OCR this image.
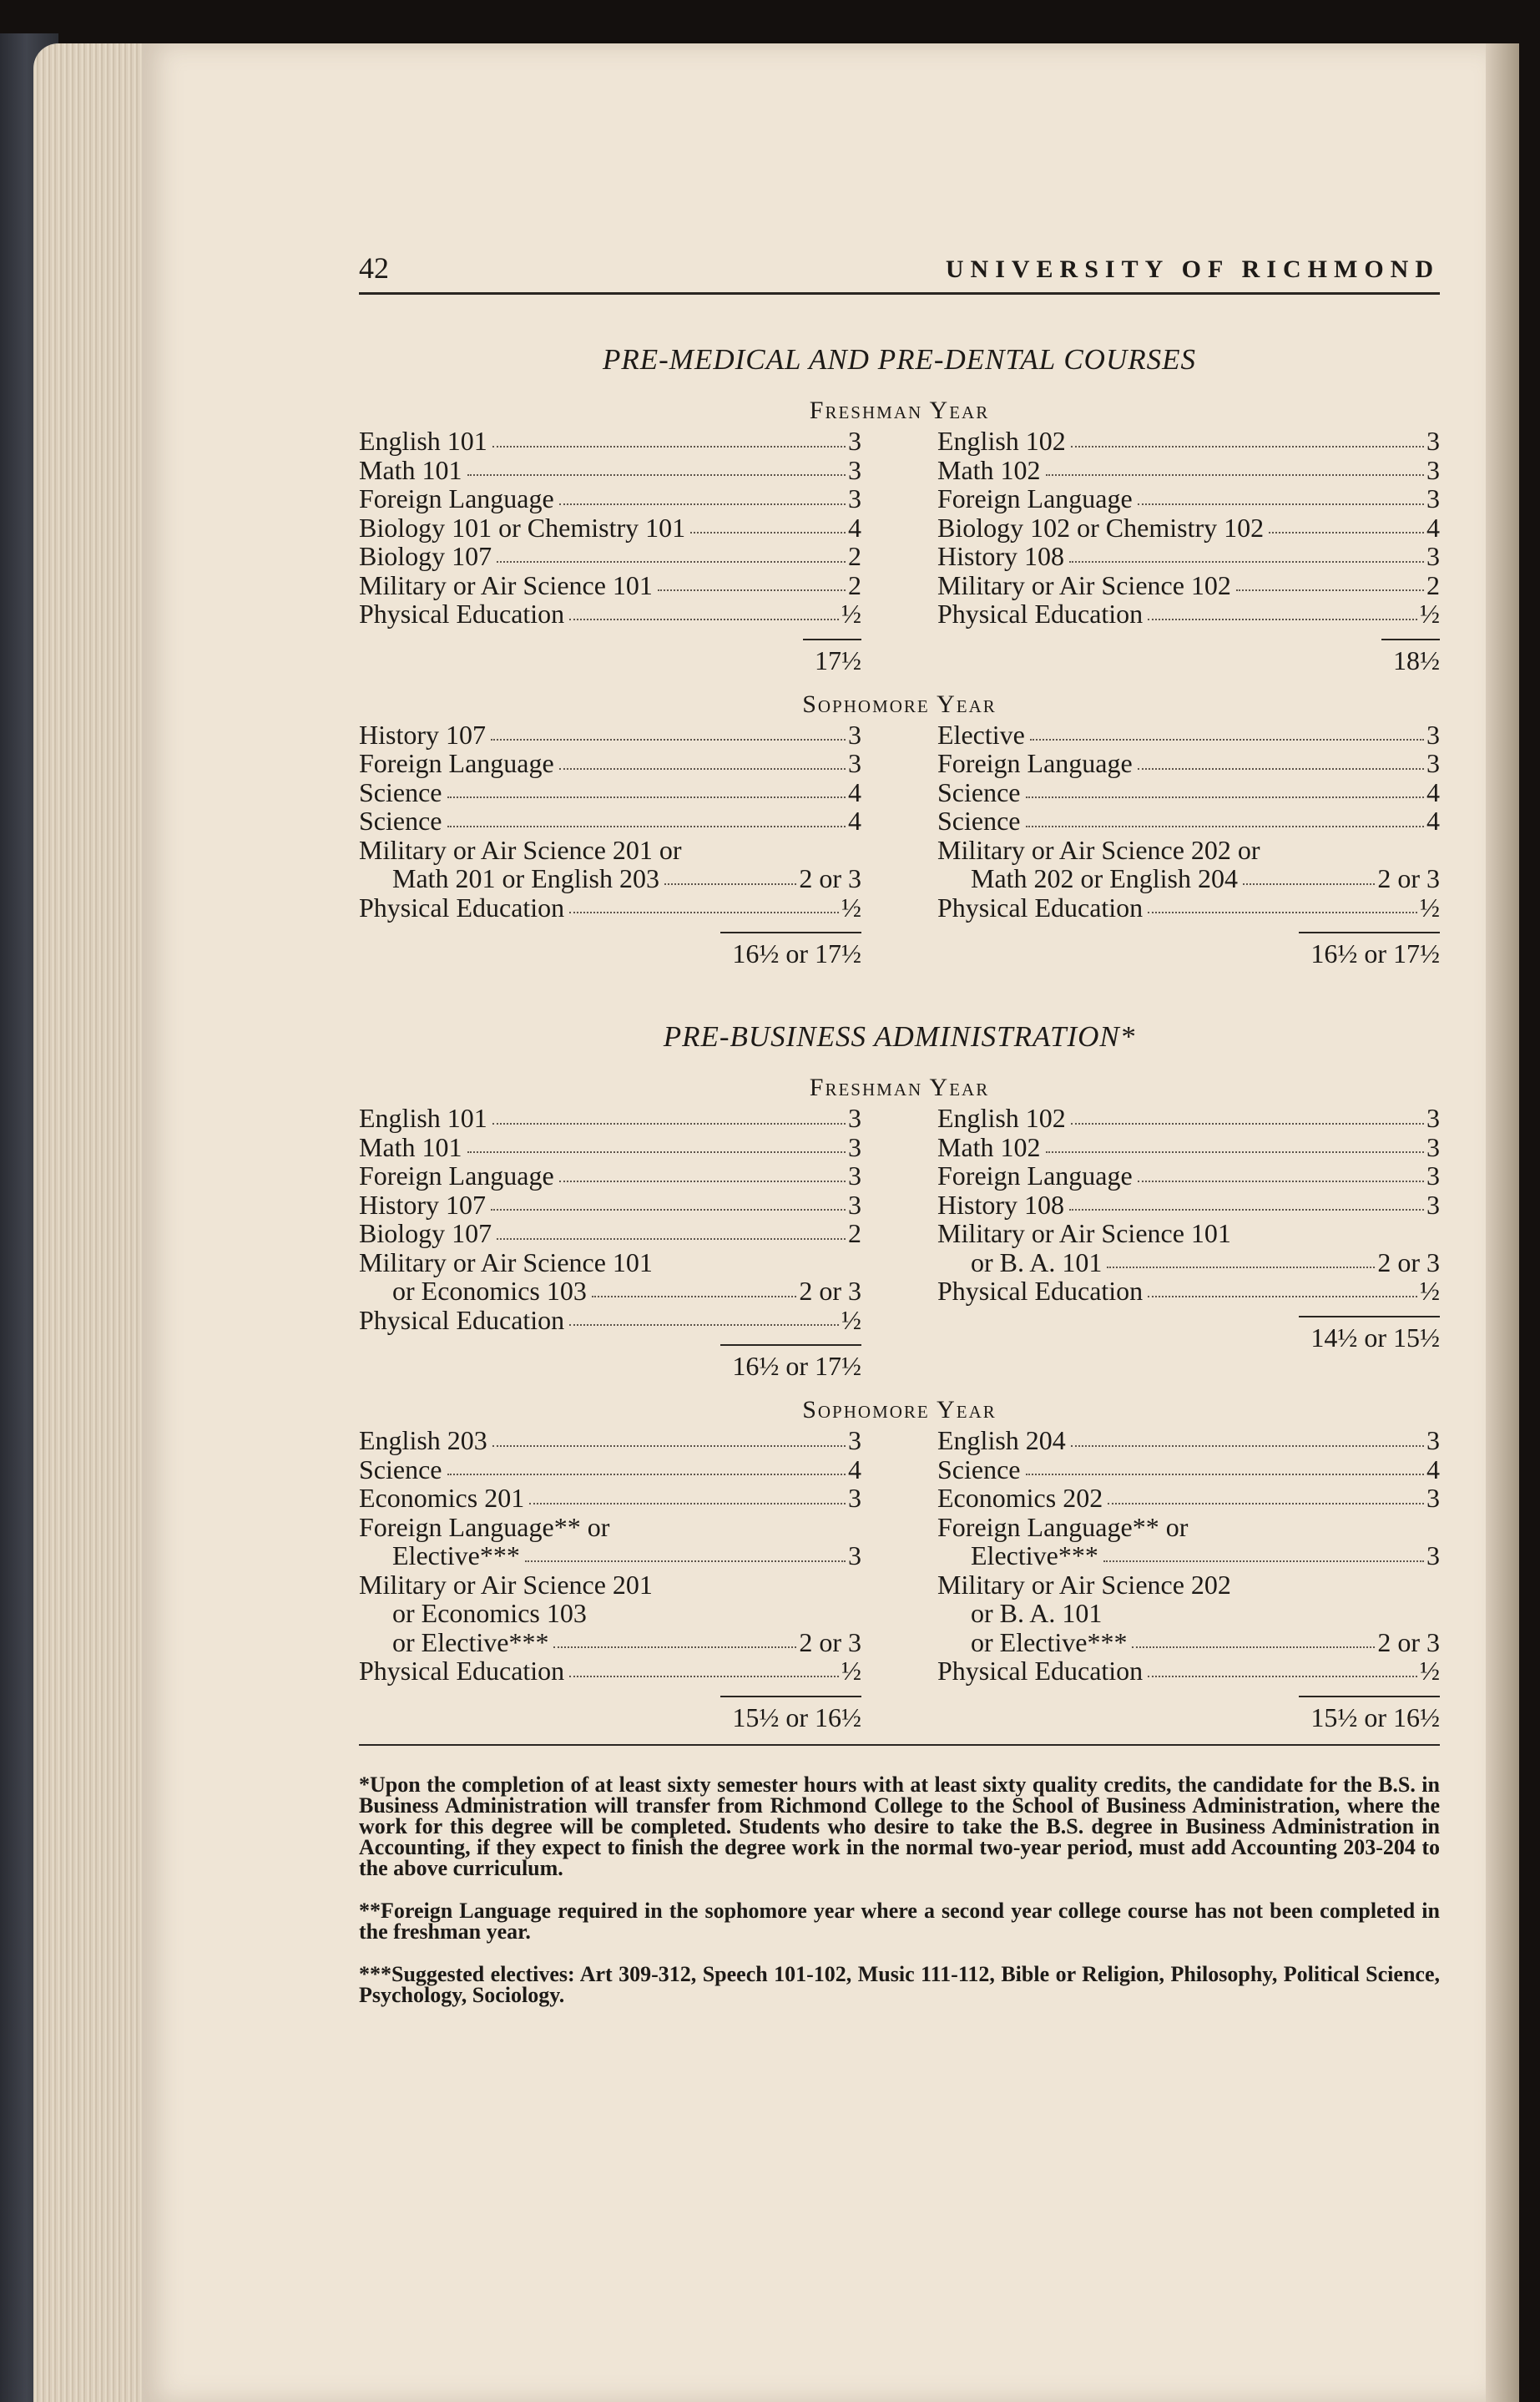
42	UNIVERSITY OF RICHMOND
PRE-MEDICAL AND PRE-DENTAL COURSES
Freshman Year
English 101	3
Math 101	3
Foreign Language	3
Biology 101 or Chemistry 101	4
Biology 107	2
Military or Air Science 101	2
Physical Education	½
17½
English 102	3
Math 102	3
Foreign Language	3
Biology 102 or Chemistry 102	4
History 108	3
Military or Air Science 102	2
Physical Education	½
18½
Sophomore Year
History 107	3
Foreign Language	3
Science	4
Science	4
Military or Air Science 201 or
Math 201 or English 203	2 or 3
Physical Education	½
16½ or 17½
Elective	3
Foreign Language	3
Science	4
Science	4
Military or Air Science 202 or
Math 202 or English 204	2 or 3
Physical Education	½
16½ or 17½
PRE-BUSINESS ADMINISTRATION*
Freshman Year
English 101	3
Math 101	3
Foreign Language	3
History 107	3
Biology 107	2
Military or Air Science 101
or Economics 103	2 or 3
Physical Education	½
16½ or 17½
English 102	3
Math 102	3
Foreign Language	3
History 108	3
Military or Air Science 101
or B. A. 101	2 or 3
Physical Education	½
14½ or 15½
Sophomore Year
English 203	3
Science	4
Economics 201	3
Foreign Language** or
Elective***	3
Military or Air Science 201
or Economics 103
or Elective***	2 or 3
Physical Education	½
15½ or 16½
English 204	3
Science	4
Economics 202	3
Foreign Language** or
Elective***	3
Military or Air Science 202
or B. A. 101
or Elective***	2 or 3
Physical Education	½
15½ or 16½

*Upon the completion of at least sixty semester hours with at least sixty quality credits, the candidate for the B.S. in Business Administration will transfer from Richmond College to the School of Business Administration, where the work for this degree will be completed. Students who desire to take the B.S. degree in Business Administration in Accounting, if they expect to finish the degree work in the normal two-year period, must add Accounting 203-204 to the above curriculum.

**Foreign Language required in the sophomore year where a second year college course has not been completed in the freshman year.

***Suggested electives: Art 309-312, Speech 101-102, Music 111-112, Bible or Religion, Philosophy, Political Science, Psychology, Sociology.
